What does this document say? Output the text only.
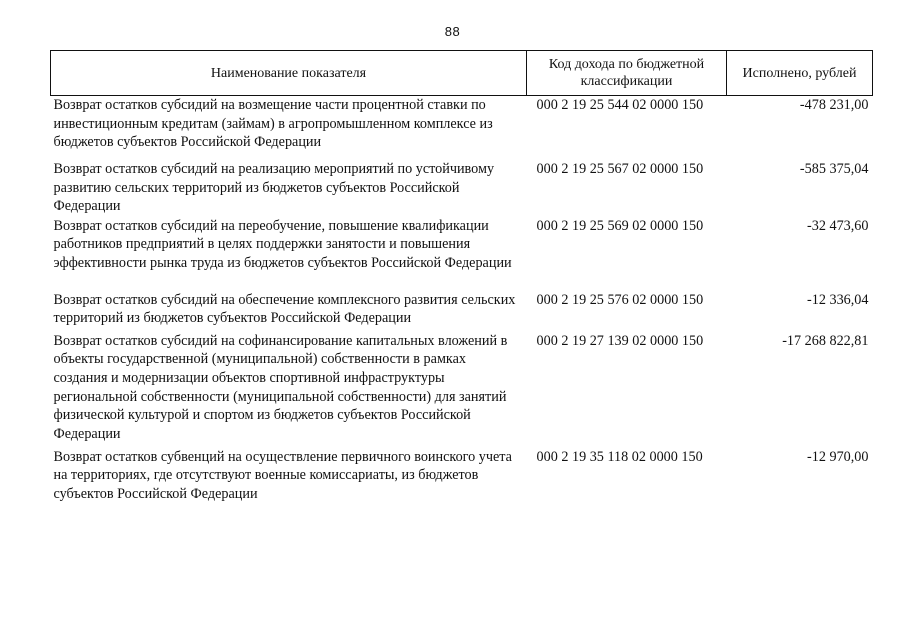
88
Наименование показателя	Код дохода по бюджетной классификации	Исполнено, рублей
Возврат остатков субсидий на возмещение части процентной ставки по инвестиционным кредитам (займам) в агропромышленном комплексе из бюджетов субъектов Российской Федерации	000 2 19 25 544 02 0000 150	-478 231,00
Возврат остатков субсидий на реализацию мероприятий по устойчивому развитию сельских территорий из бюджетов субъектов Российской Федерации	000 2 19 25 567 02 0000 150	-585 375,04
Возврат остатков субсидий на переобучение, повышение квалификации работников предприятий в целях поддержки занятости и повышения эффективности рынка труда из бюджетов субъектов Российской Федерации	000 2 19 25 569 02 0000 150	-32 473,60
Возврат остатков субсидий на обеспечение комплексного развития сельских территорий из бюджетов субъектов Российской Федерации	000 2 19 25 576 02 0000 150	-12 336,04
Возврат остатков субсидий на софинансирование капитальных вложений в объекты государственной (муниципальной) собственности в рамках создания и модернизации объектов спортивной инфраструктуры региональной собственности (муниципальной собственности) для занятий физической культурой и спортом из бюджетов субъектов Российской Федерации	000 2 19 27 139 02 0000 150	-17 268 822,81
Возврат остатков субвенций на осуществление первичного воинского учета на территориях, где отсутствуют военные комиссариаты, из бюджетов субъектов Российской Федерации	000 2 19 35 118 02 0000 150	-12 970,00
